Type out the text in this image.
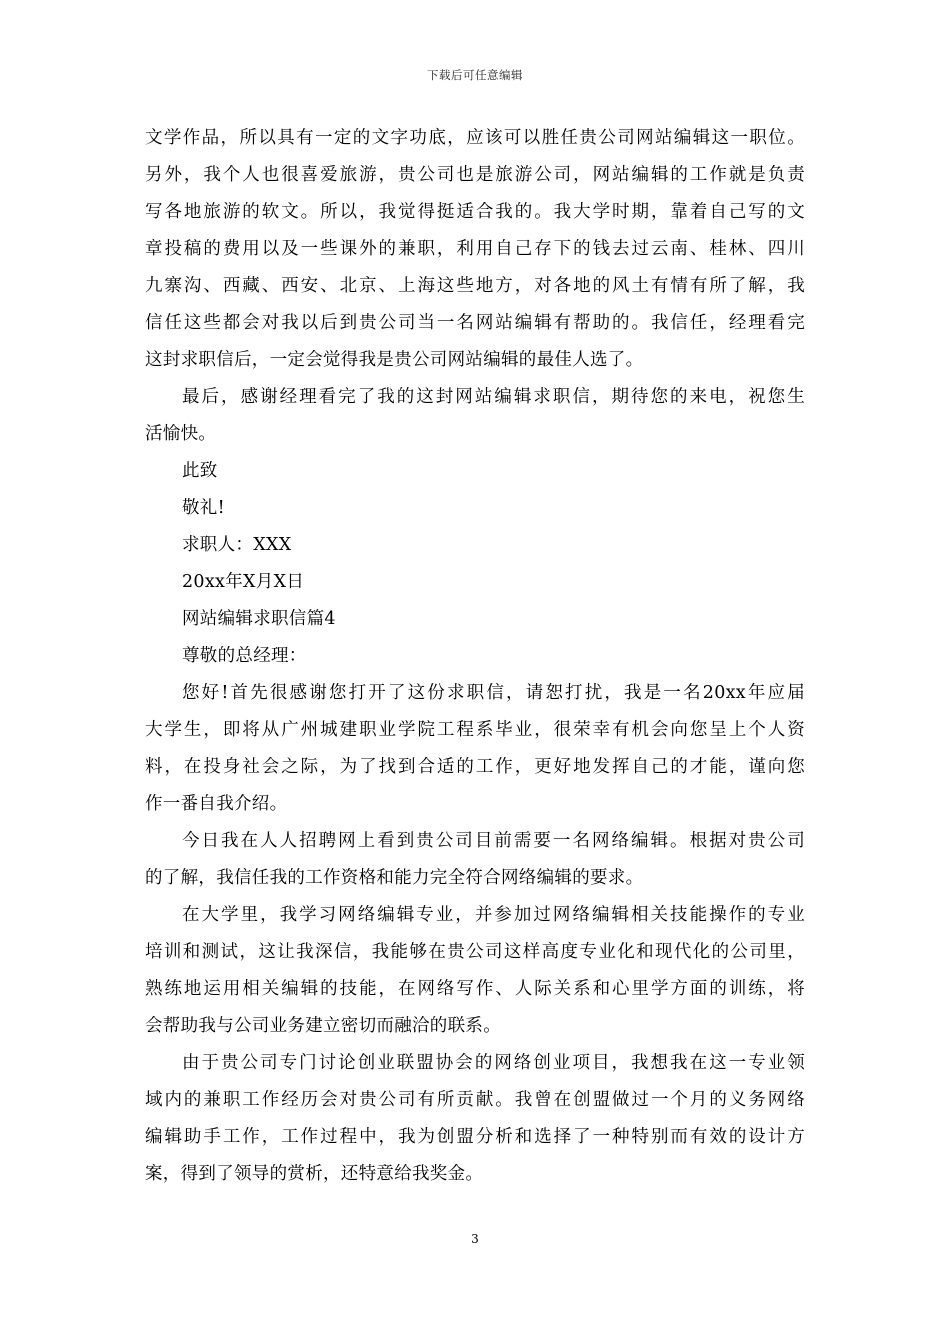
下载后可任意编辑
文学作品，所以具有一定的文字功底，应该可以胜任贵公司网站编辑这一职位。
另外，我个人也很喜爱旅游，贵公司也是旅游公司，网站编辑的工作就是负责
写各地旅游的软文。所以，我觉得挺适合我的。我大学时期，靠着自己写的文
章投稿的费用以及一些课外的兼职，利用自己存下的钱去过云南、桂林、四川
九寨沟、西藏、西安、北京、上海这些地方，对各地的风土有情有所了解，我
信任这些都会对我以后到贵公司当一名网站编辑有帮助的。我信任，经理看完
这封求职信后，一定会觉得我是贵公司网站编辑的最佳人选了。
最后，感谢经理看完了我的这封网站编辑求职信，期待您的来电，祝您生
活愉快。
此致
敬礼!
求职人：XXX
20xx年X月X日
网站编辑求职信篇4
尊敬的总经理：
您好!首先很感谢您打开了这份求职信，请恕打扰，我是一名20xx年应届
大学生，即将从广州城建职业学院工程系毕业，很荣幸有机会向您呈上个人资
料，在投身社会之际，为了找到合适的工作，更好地发挥自己的才能，谨向您
作一番自我介绍。
今日我在人人招聘网上看到贵公司目前需要一名网络编辑。根据对贵公司
的了解，我信任我的工作资格和能力完全符合网络编辑的要求。
在大学里，我学习网络编辑专业，并参加过网络编辑相关技能操作的专业
培训和测试，这让我深信，我能够在贵公司这样高度专业化和现代化的公司里，
熟练地运用相关编辑的技能，在网络写作、人际关系和心里学方面的训练，将
会帮助我与公司业务建立密切而融洽的联系。
由于贵公司专门讨论创业联盟协会的网络创业项目，我想我在这一专业领
域内的兼职工作经历会对贵公司有所贡献。我曾在创盟做过一个月的义务网络
编辑助手工作，工作过程中，我为创盟分析和选择了一种特别而有效的设计方
案，得到了领导的赏析，还特意给我奖金。
3
